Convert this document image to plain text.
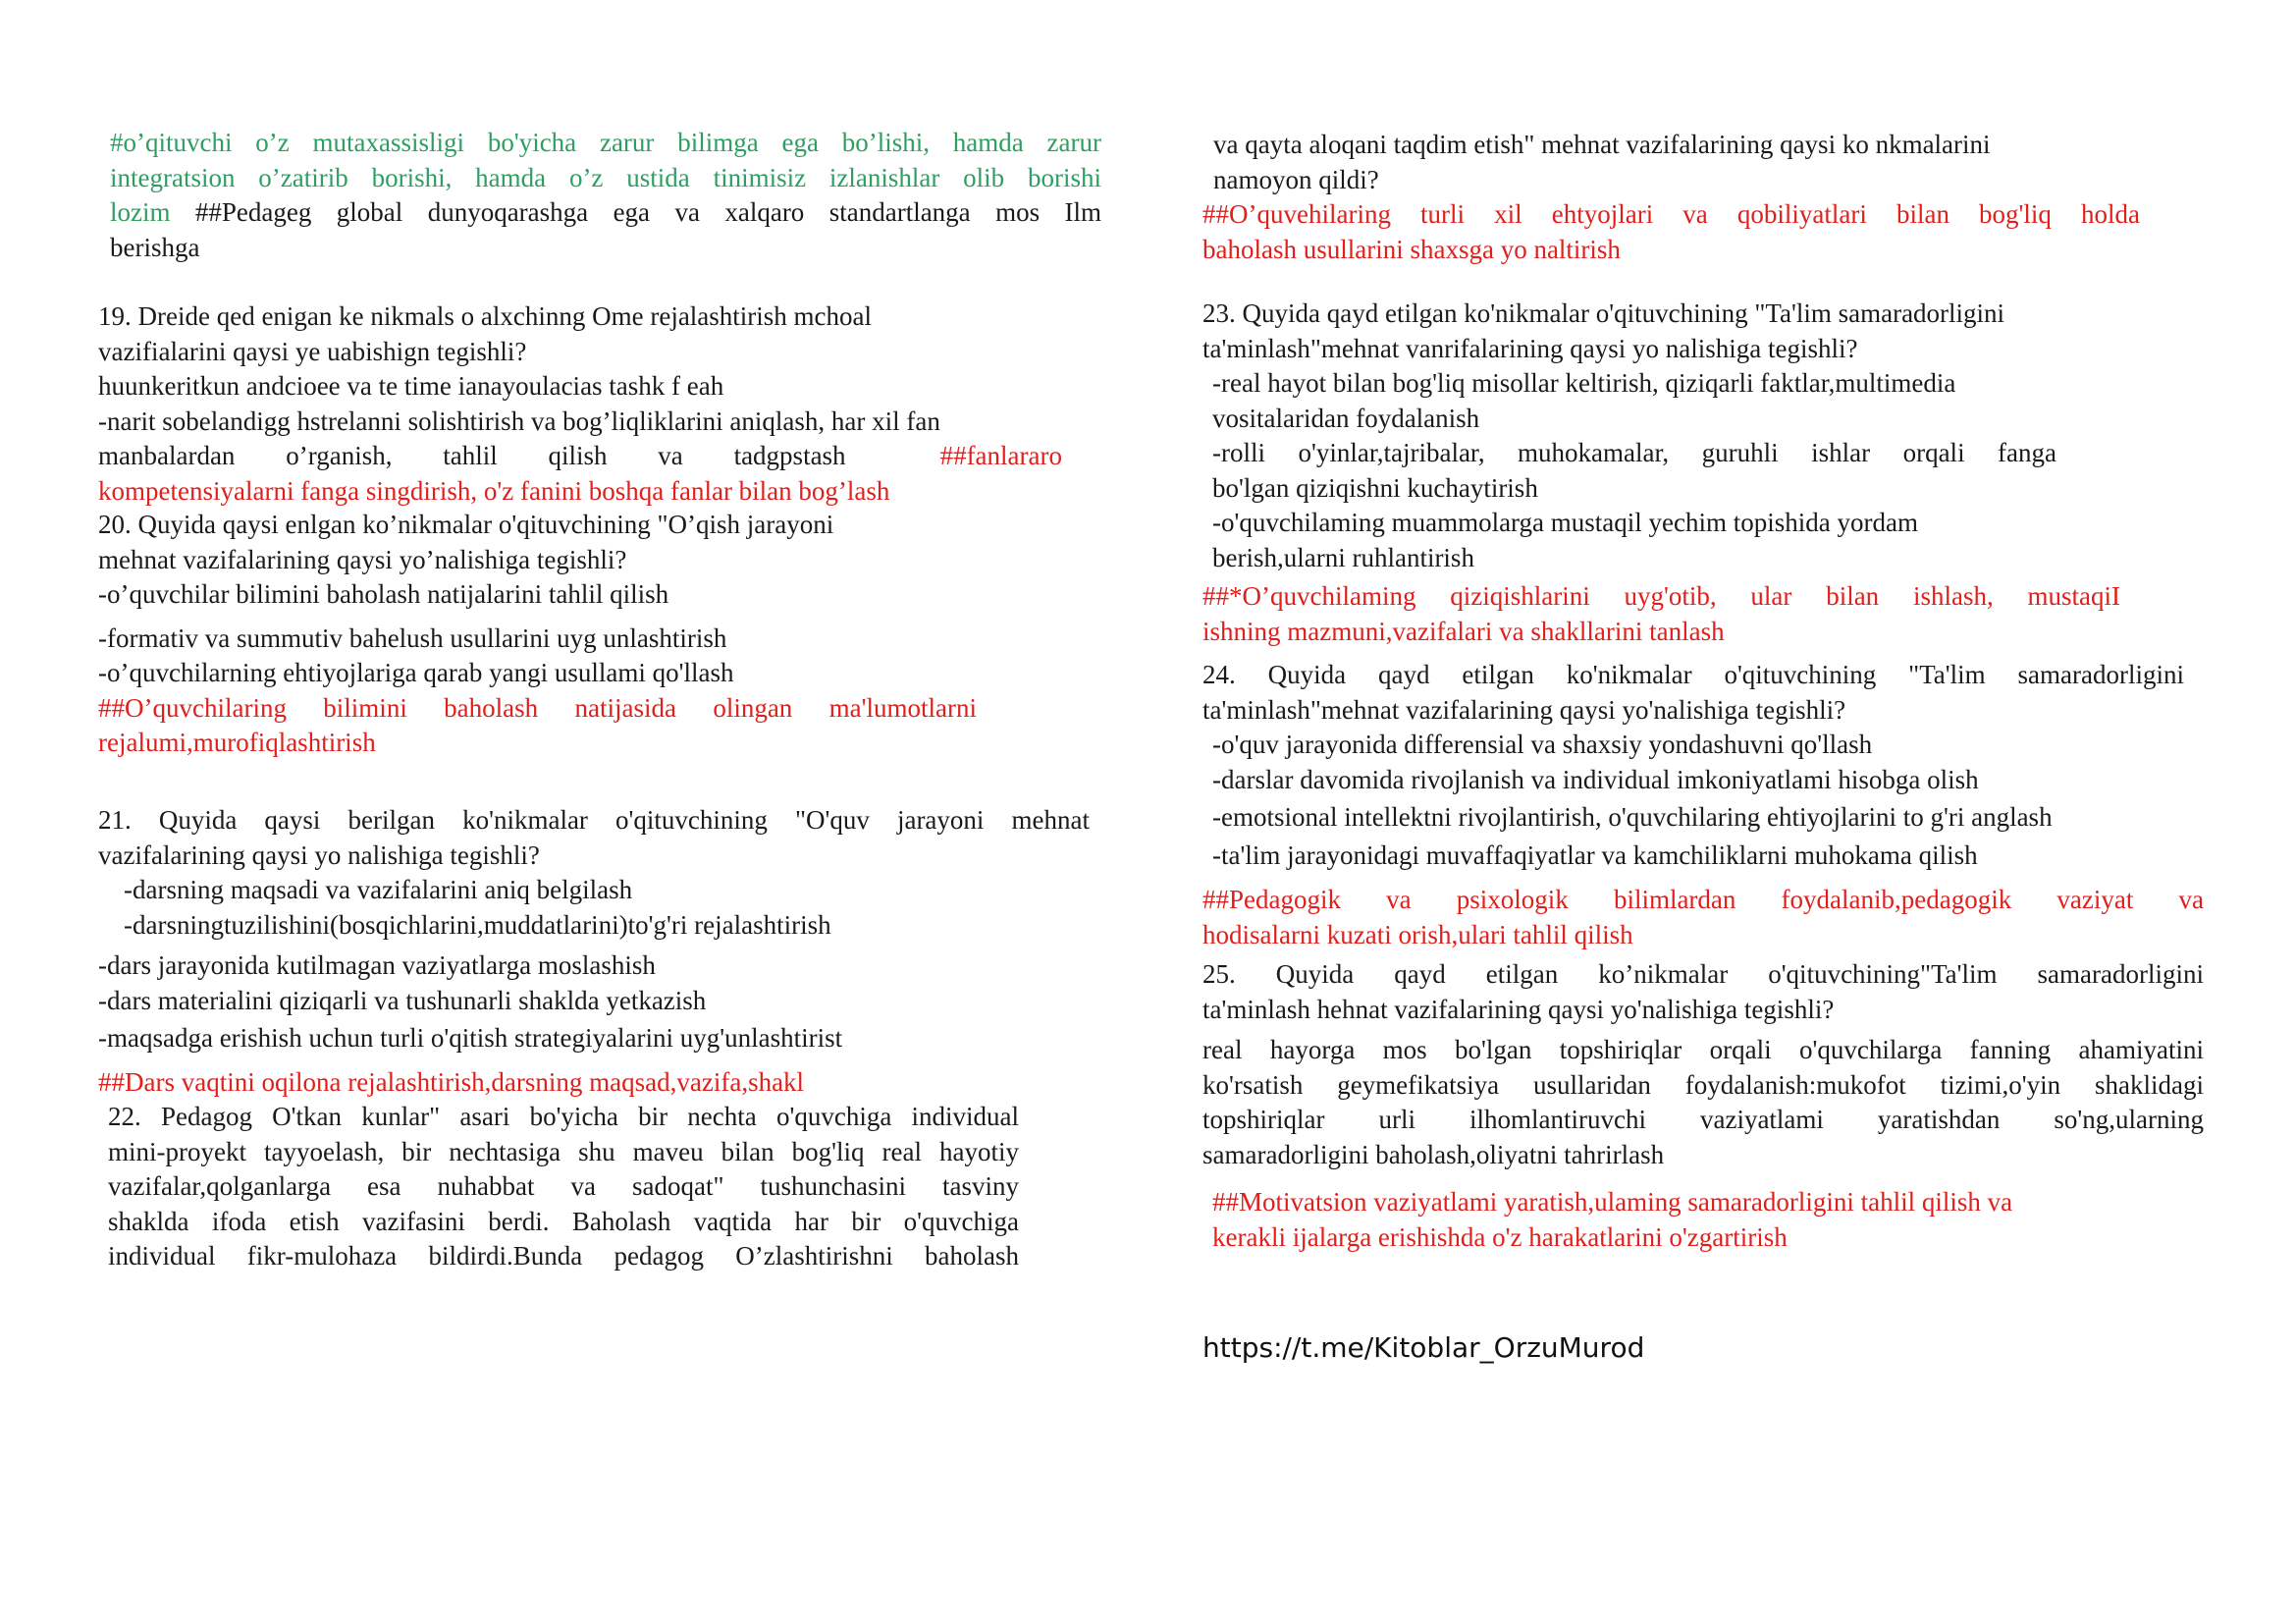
#o’qituvchi o’z mutaxassisligi bo'yicha zarur bilimga ega bo’lishi, hamda zarur
integratsion o’zatirib borishi, hamda o’z ustida tinimisiz izlanishlar olib borishi
lozim ##Pedageg global dunyoqarashga ega va xalqaro standartlanga mos Ilm
berishga
19. Dreide qed enigan ke nikmals o alxchinng Ome rejalashtirish mchoal
vazifialarini qaysi ye uabishign tegishli?
huunkeritkun andcioee va te time ianayoulacias tashk f eah
-narit sobelandigg hstrelanni solishtirish va bog’liqliklarini aniqlash, har xil fan
manbalardan o’rganish, tahlil qilish va tadgpstash	##fanlararo
kompetensiyalarni fanga singdirish, o'z fanini boshqa fanlar bilan bog’lash
20. Quyida qaysi enlgan ko’nikmalar o'qituvchining "O’qish jarayoni
mehnat vazifalarining qaysi yo’nalishiga tegishli?
-o’quvchilar bilimini baholash natijalarini tahlil qilish
-formativ va summutiv bahelush usullarini uyg unlashtirish
-o’quvchilarning ehtiyojlariga qarab yangi usullami qo'llash
##O’quvchilaring bilimini baholash natijasida olingan ma'lumotlarni
rejalumi,murofiqlashtirish
21. Quyida qaysi berilgan ko'nikmalar o'qituvchining "O'quv jarayoni mehnat
vazifalarining qaysi yo nalishiga tegishli?
-darsning maqsadi va vazifalarini aniq belgilash
-darsningtuzilishini(bosqichlarini,muddatlarini)to'g'ri rejalashtirish
-dars jarayonida kutilmagan vaziyatlarga moslashish
-dars materialini qiziqarli va tushunarli shaklda yetkazish
-maqsadga erishish uchun turli o'qitish strategiyalarini uyg'unlashtirist
##Dars vaqtini oqilona rejalashtirish,darsning maqsad,vazifa,shakl
22. Pedagog O'tkan kunlar" asari bo'yicha bir nechta o'quvchiga individual
mini-proyekt tayyoelash, bir nechtasiga shu maveu bilan bog'liq real hayotiy
vazifalar,qolganlarga esa nuhabbat va sadoqat" tushunchasini tasviny
shaklda ifoda etish vazifasini berdi. Baholash vaqtida har bir o'quvchiga
individual fikr-mulohaza bildirdi.Bunda pedagog O’zlashtirishni baholash
va qayta aloqani taqdim etish" mehnat vazifalarining qaysi ko nkmalarini
namoyon qildi?
##O’quvehilaring turli xil ehtyojlari va qobiliyatlari bilan bog'liq holda
baholash usullarini shaxsga yo naltirish
23. Quyida qayd etilgan ko'nikmalar o'qituvchining "Ta'lim samaradorligini
ta'minlash"mehnat vanrifalarining qaysi yo nalishiga tegishli?
-real hayot bilan bog'liq misollar keltirish, qiziqarli faktlar,multimedia
vositalaridan foydalanish
-rolli o'yinlar,tajribalar, muhokamalar, guruhli ishlar orqali fanga
bo'lgan qiziqishni kuchaytirish
-o'quvchilaming muammolarga mustaqil yechim topishida yordam
berish,ularni ruhlantirish
##*O’quvchilaming qiziqishlarini uyg'otib, ular bilan ishlash, mustaqiI
ishning mazmuni,vazifalari va shakllarini tanlash
24. Quyida qayd etilgan ko'nikmalar o'qituvchining "Ta'lim samaradorligini
ta'minlash"mehnat vazifalarining qaysi yo'nalishiga tegishli?
-o'quv jarayonida differensial va shaxsiy yondashuvni qo'llash
-darslar davomida rivojlanish va individual imkoniyatlami hisobga olish
-emotsional intellektni rivojlantirish, o'quvchilaring ehtiyojlarini to g'ri anglash
-ta'lim jarayonidagi muvaffaqiyatlar va kamchiliklarni muhokama qilish
##Pedagogik va psixologik bilimlardan foydalanib,pedagogik vaziyat va
hodisalarni kuzati orish,ulari tahlil qilish
25. Quyida qayd etilgan ko’nikmalar o'qituvchining"Ta'lim samaradorligini
ta'minlash hehnat vazifalarining qaysi yo'nalishiga tegishli?
real hayorga mos bo'lgan topshiriqlar orqali o'quvchilarga fanning ahamiyatini
ko'rsatish geymefikatsiya usullaridan foydalanish:mukofot tizimi,o'yin shaklidagi
topshiriqlar urli ilhomlantiruvchi vaziyatlami yaratishdan so'ng,ularning
samaradorligini baholash,oliyatni tahrirlash
##Motivatsion vaziyatlami yaratish,ulaming samaradorligini tahlil qilish va
kerakli ijalarga erishishda o'z harakatlarini o'zgartirish
https://t.me/Kitoblar_OrzuMurod
